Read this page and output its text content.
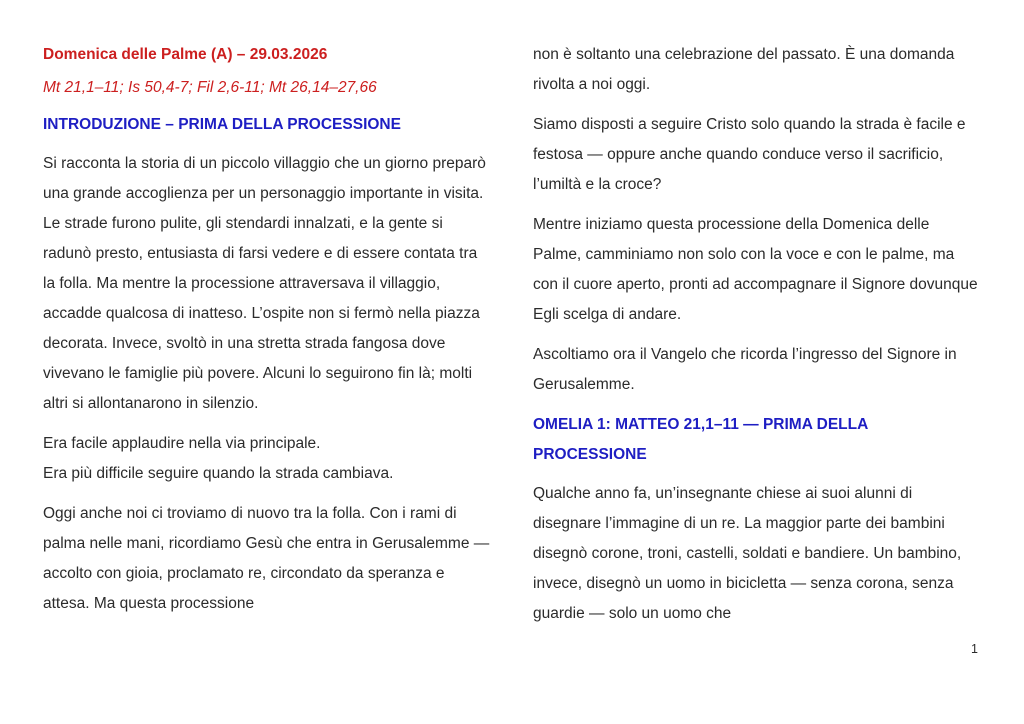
Domenica delle Palme (A) – 29.03.2026
Mt 21,1–11; Is 50,4-7; Fil 2,6-11; Mt 26,14–27,66
INTRODUZIONE – PRIMA DELLA PROCESSIONE
Si racconta la storia di un piccolo villaggio che un giorno preparò una grande accoglienza per un personaggio importante in visita. Le strade furono pulite, gli stendardi innalzati, e la gente si radunò presto, entusiasta di farsi vedere e di essere contata tra la folla. Ma mentre la processione attraversava il villaggio, accadde qualcosa di inatteso. L’ospite non si fermò nella piazza decorata. Invece, svoltò in una stretta strada fangosa dove vivevano le famiglie più povere. Alcuni lo seguirono fin là; molti altri si allontanarono in silenzio.
Era facile applaudire nella via principale.
Era più difficile seguire quando la strada cambiava.
Oggi anche noi ci troviamo di nuovo tra la folla. Con i rami di palma nelle mani, ricordiamo Gesù che entra in Gerusalemme — accolto con gioia, proclamato re, circondato da speranza e attesa. Ma questa processione
non è soltanto una celebrazione del passato. È una domanda rivolta a noi oggi.
Siamo disposti a seguire Cristo solo quando la strada è facile e festosa — oppure anche quando conduce verso il sacrificio, l’umiltà e la croce?
Mentre iniziamo questa processione della Domenica delle Palme, camminiamo non solo con la voce e con le palme, ma con il cuore aperto, pronti ad accompagnare il Signore dovunque Egli scelga di andare.
Ascoltiamo ora il Vangelo che ricorda l’ingresso del Signore in Gerusalemme.
OMELIA 1: MATTEO 21,1–11 — PRIMA DELLA PROCESSIONE
Qualche anno fa, un’insegnante chiese ai suoi alunni di disegnare l’immagine di un re. La maggior parte dei bambini disegnò corone, troni, castelli, soldati e bandiere. Un bambino, invece, disegnò un uomo in bicicletta — senza corona, senza guardie — solo un uomo che
1
